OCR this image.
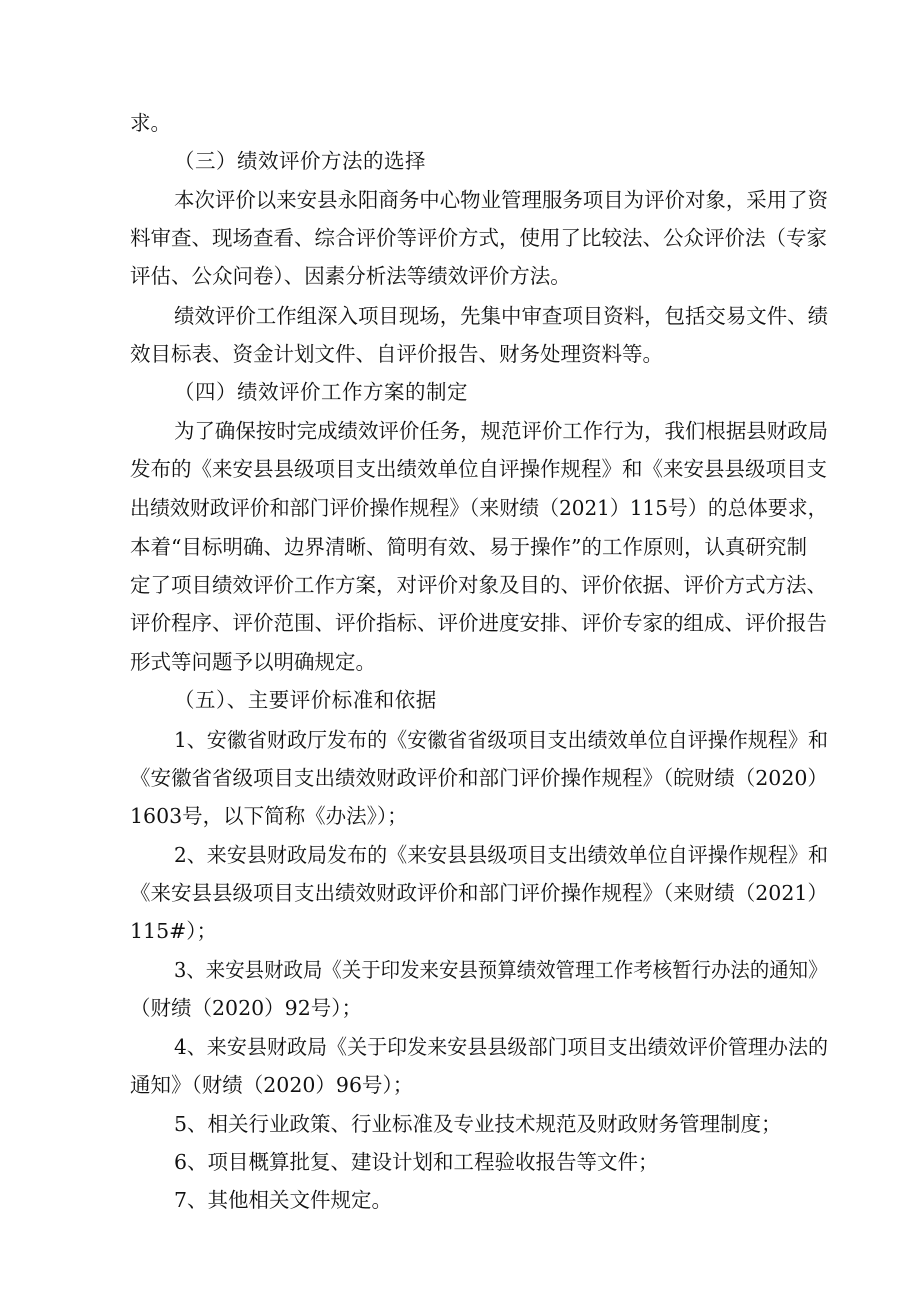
求。
（三）绩效评价方法的选择
本次评价以来安县永阳商务中心物业管理服务项目为评价对象，采用了资
料审查、现场查看、综合评价等评价方式，使用了比较法、公众评价法（专家
评估、公众问卷）、因素分析法等绩效评价方法。
绩效评价工作组深入项目现场，先集中审查项目资料，包括交易文件、绩
效目标表、资金计划文件、自评价报告、财务处理资料等。
（四）绩效评价工作方案的制定
为了确保按时完成绩效评价任务，规范评价工作行为，我们根据县财政局
发布的《来安县县级项目支出绩效单位自评操作规程》和《来安县县级项目支
出绩效财政评价和部门评价操作规程》（来财绩（2021）115号）的总体要求，
本着“目标明确、边界清晰、简明有效、易于操作”的工作原则，认真研究制
定了项目绩效评价工作方案，对评价对象及目的、评价依据、评价方式方法、
评价程序、评价范围、评价指标、评价进度安排、评价专家的组成、评价报告
形式等问题予以明确规定。
（五）、主要评价标准和依据
1、安徽省财政厅发布的《安徽省省级项目支出绩效单位自评操作规程》和
《安徽省省级项目支出绩效财政评价和部门评价操作规程》（皖财绩（2020）
1603号，以下简称《办法》）；
2、来安县财政局发布的《来安县县级项目支出绩效单位自评操作规程》和
《来安县县级项目支出绩效财政评价和部门评价操作规程》（来财绩（2021）
115#）；
3、来安县财政局《关于印发来安县预算绩效管理工作考核暂行办法的通知》
（财绩（2020）92号）；
4、来安县财政局《关于印发来安县县级部门项目支出绩效评价管理办法的
通知》（财绩（2020）96号）；
5、相关行业政策、行业标准及专业技术规范及财政财务管理制度；
6、项目概算批复、建设计划和工程验收报告等文件；
7、其他相关文件规定。
